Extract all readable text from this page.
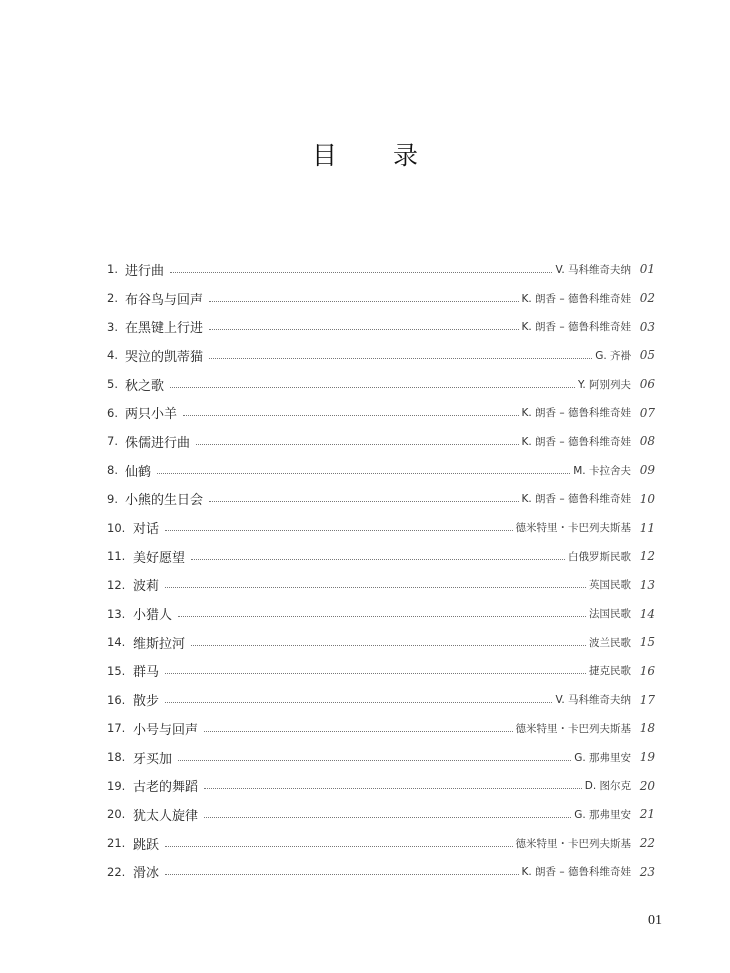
目 录
1. 进行曲	V. 马科维奇夫纳 01
2. 布谷鸟与回声	K. 朗香 – 德鲁科维奇娃 02
3. 在黑键上行进	K. 朗香 – 德鲁科维奇娃 03
4. 哭泣的凯蒂猫	G. 齐褂 05
5. 秋之歌	Y. 阿别列夫 06
6. 两只小羊	K. 朗香 – 德鲁科维奇娃 07
7. 侏儒进行曲	K. 朗香 – 德鲁科维奇娃 08
8. 仙鹤	M. 卡拉舍夫 09
9. 小熊的生日会	K. 朗香 – 德鲁科维奇娃 10
10. 对话	德米特里・卡巴列夫斯基 11
11. 美好愿望	白俄罗斯民歌 12
12. 波莉	英国民歌 13
13. 小猎人	法国民歌 14
14. 维斯拉河	波兰民歌 15
15. 群马	捷克民歌 16
16. 散步	V. 马科维奇夫纳 17
17. 小号与回声	德米特里・卡巴列夫斯基 18
18. 牙买加	G. 那弗里安 19
19. 古老的舞蹈	D. 图尔克 20
20. 犹太人旋律	G. 那弗里安 21
21. 跳跃	德米特里・卡巴列夫斯基 22
22. 滑冰	K. 朗香 – 德鲁科维奇娃 23
01
